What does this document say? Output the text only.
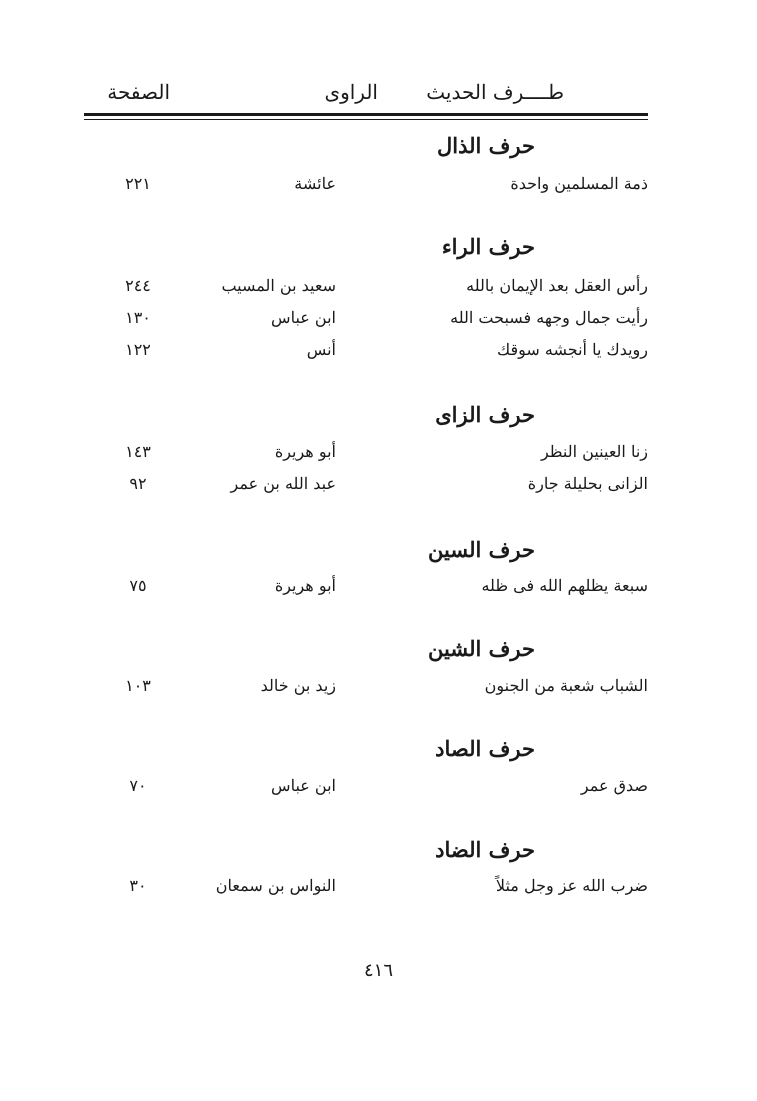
طــــرف الحديث
الراوى
الصفحة
حرف الذال
ذمة المسلمين واحدة
عائشة
٢٢١
حرف الراء
رأس العقل بعد الإيمان بالله
سعيد بن المسيب
٢٤٤
رأيت جمال وجهه فسبحت الله
ابن عباس
١٣٠
رويدك يا أنجشه سوقك
أنس
١٢٢
حرف الزاى
زنا العينين النظر
أبو هريرة
١٤٣
الزانى بحليلة جارة
عبد الله بن عمر
٩٢
حرف السين
سبعة يظلهم الله فى ظله
أبو هريرة
٧٥
حرف الشين
الشباب شعبة من الجنون
زيد بن خالد
١٠٣
حرف الصاد
صدق عمر
ابن عباس
٧٠
حرف الضاد
ضرب الله عز وجل مثلاً
النواس بن سمعان
٣٠
٤١٦
